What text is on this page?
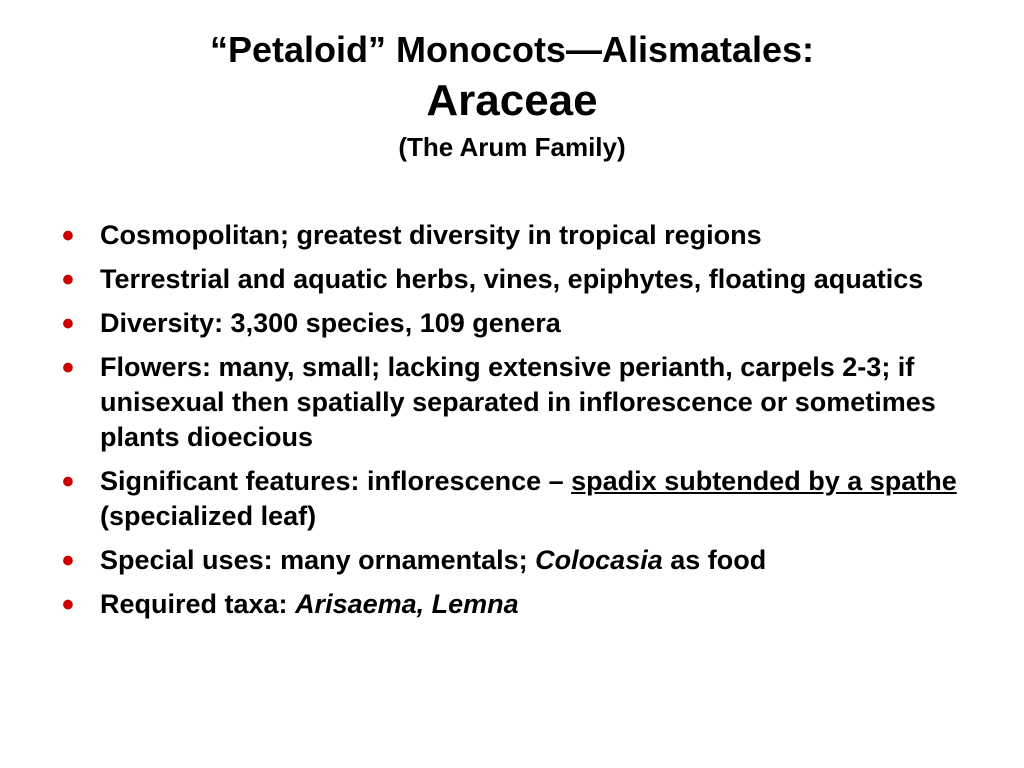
“Petaloid” Monocots—Alismatales:
Araceae
(The Arum Family)
• Cosmopolitan; greatest diversity in tropical regions
• Terrestrial and aquatic herbs, vines, epiphytes, floating aquatics
• Diversity: 3,300 species, 109 genera
• Flowers: many, small; lacking extensive perianth, carpels 2-3; if unisexual then spatially separated in inflorescence or sometimes plants dioecious
• Significant features: inflorescence – spadix subtended by a spathe (specialized leaf)
• Special uses: many ornamentals; Colocasia as food
• Required taxa: Arisaema, Lemna
